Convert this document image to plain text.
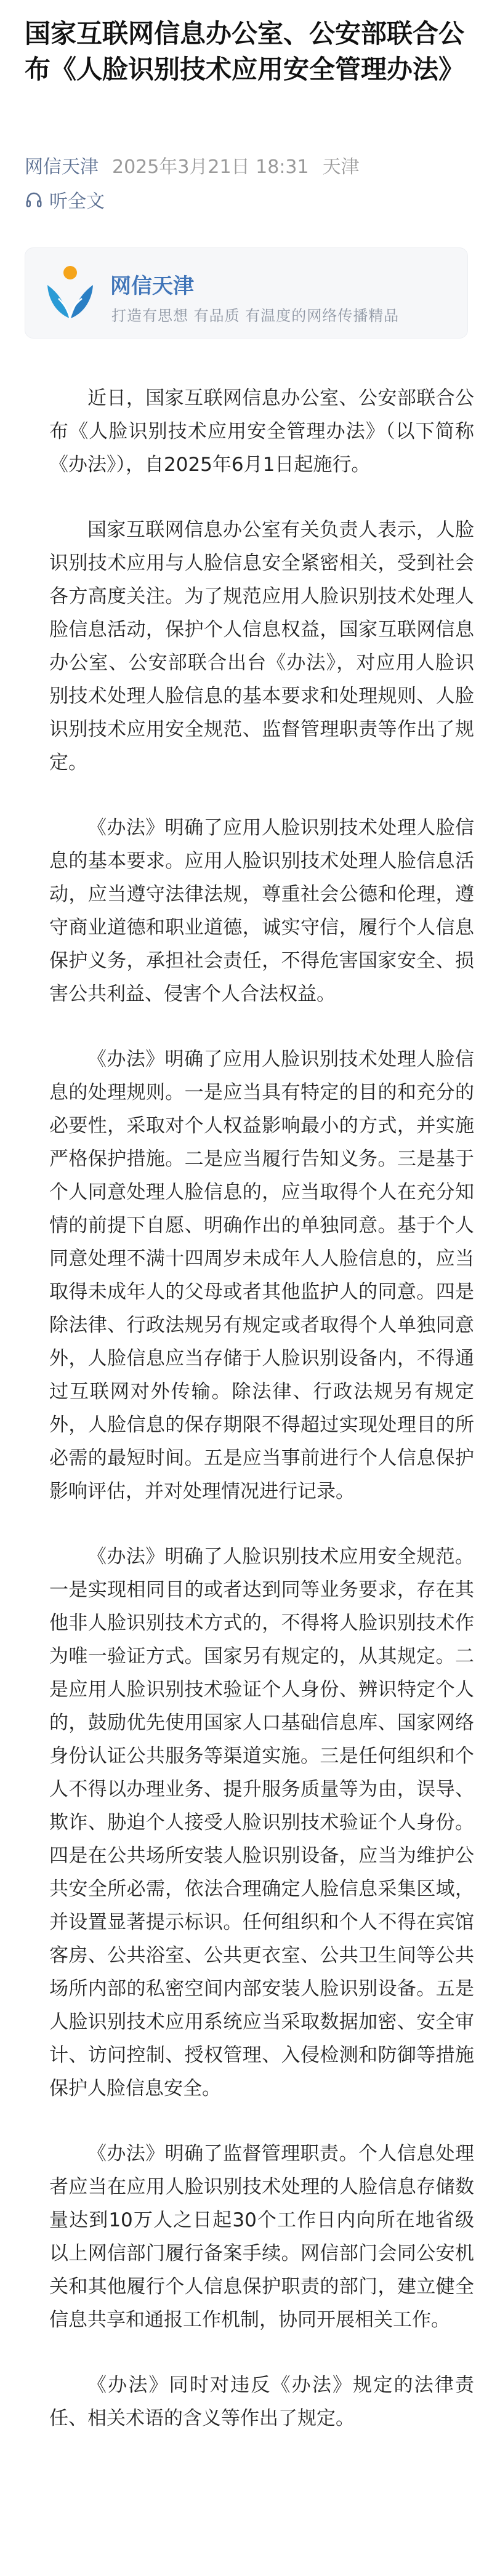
国家互联网信息办公室、公安部联合公布《人脸识别技术应用安全管理办法》
网信天津 2025年3月21日 18:31 天津
听全文
网信天津
打造有思想 有品质 有温度的网络传播精品

近日，国家互联网信息办公室、公安部联合公布《人脸识别技术应用安全管理办法》（以下简称《办法》），自2025年6月1日起施行。

国家互联网信息办公室有关负责人表示，人脸识别技术应用与人脸信息安全紧密相关，受到社会各方高度关注。为了规范应用人脸识别技术处理人脸信息活动，保护个人信息权益，国家互联网信息办公室、公安部联合出台《办法》，对应用人脸识别技术处理人脸信息的基本要求和处理规则、人脸识别技术应用安全规范、监督管理职责等作出了规定。

《办法》明确了应用人脸识别技术处理人脸信息的基本要求。应用人脸识别技术处理人脸信息活动，应当遵守法律法规，尊重社会公德和伦理，遵守商业道德和职业道德，诚实守信，履行个人信息保护义务，承担社会责任，不得危害国家安全、损害公共利益、侵害个人合法权益。

《办法》明确了应用人脸识别技术处理人脸信息的处理规则。一是应当具有特定的目的和充分的必要性，采取对个人权益影响最小的方式，并实施严格保护措施。二是应当履行告知义务。三是基于个人同意处理人脸信息的，应当取得个人在充分知情的前提下自愿、明确作出的单独同意。基于个人同意处理不满十四周岁未成年人人脸信息的，应当取得未成年人的父母或者其他监护人的同意。四是除法律、行政法规另有规定或者取得个人单独同意外，人脸信息应当存储于人脸识别设备内，不得通过互联网对外传输。除法律、行政法规另有规定外，人脸信息的保存期限不得超过实现处理目的所必需的最短时间。五是应当事前进行个人信息保护影响评估，并对处理情况进行记录。

《办法》明确了人脸识别技术应用安全规范。一是实现相同目的或者达到同等业务要求，存在其他非人脸识别技术方式的，不得将人脸识别技术作为唯一验证方式。国家另有规定的，从其规定。二是应用人脸识别技术验证个人身份、辨识特定个人的，鼓励优先使用国家人口基础信息库、国家网络身份认证公共服务等渠道实施。三是任何组织和个人不得以办理业务、提升服务质量等为由，误导、欺诈、胁迫个人接受人脸识别技术验证个人身份。四是在公共场所安装人脸识别设备，应当为维护公共安全所必需，依法合理确定人脸信息采集区域，并设置显著提示标识。任何组织和个人不得在宾馆客房、公共浴室、公共更衣室、公共卫生间等公共场所内部的私密空间内部安装人脸识别设备。五是人脸识别技术应用系统应当采取数据加密、安全审计、访问控制、授权管理、入侵检测和防御等措施保护人脸信息安全。

《办法》明确了监督管理职责。个人信息处理者应当在应用人脸识别技术处理的人脸信息存储数量达到10万人之日起30个工作日内向所在地省级以上网信部门履行备案手续。网信部门会同公安机关和其他履行个人信息保护职责的部门，建立健全信息共享和通报工作机制，协同开展相关工作。

《办法》同时对违反《办法》规定的法律责任、相关术语的含义等作出了规定。
